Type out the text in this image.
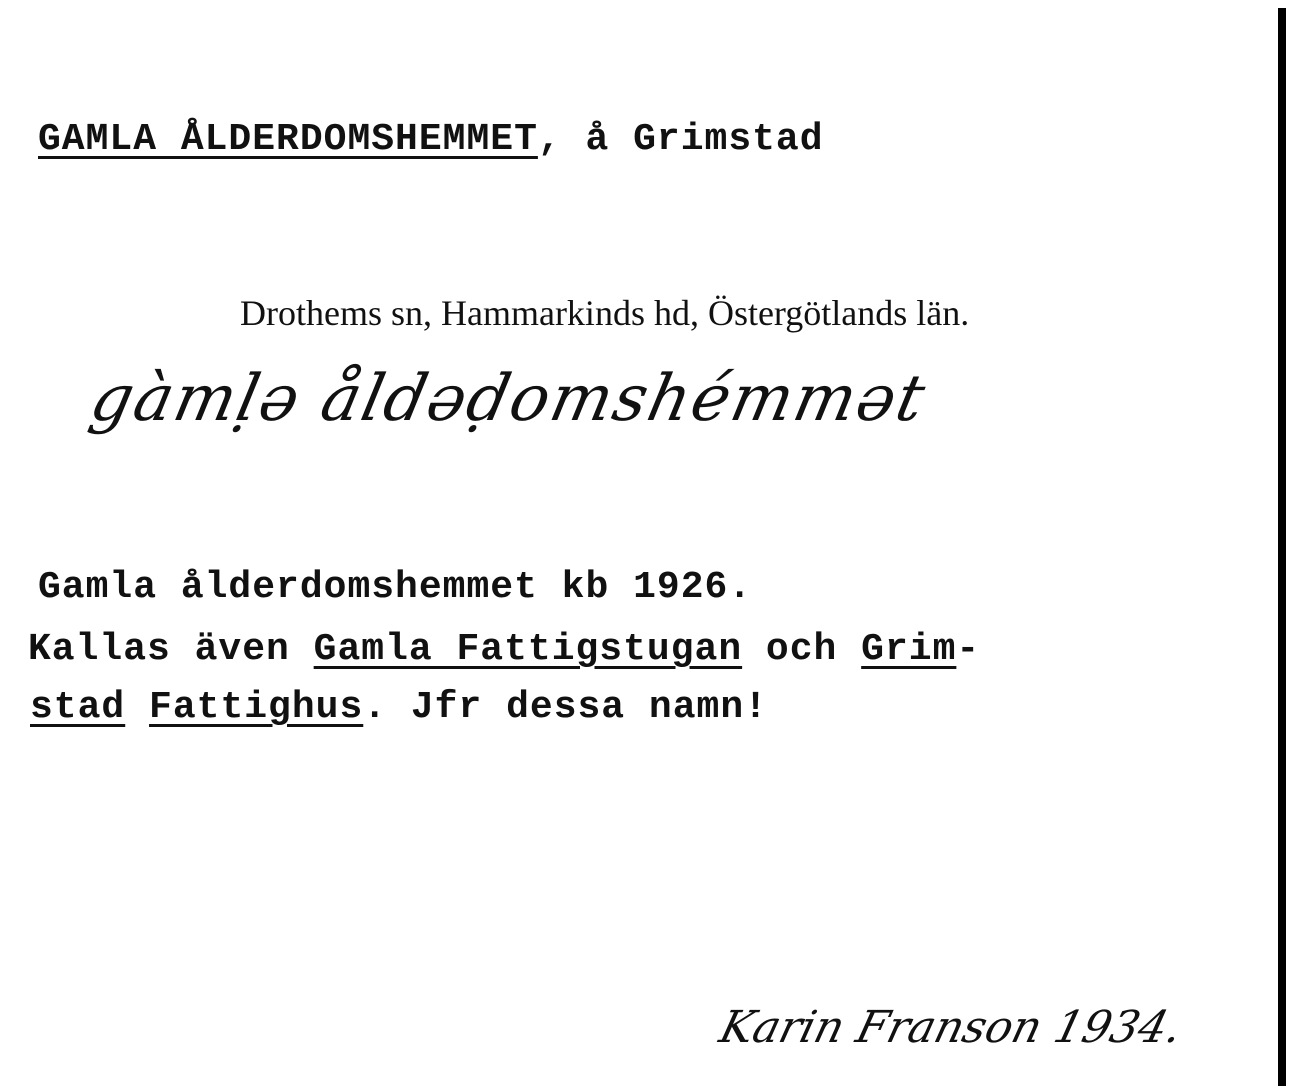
GAMLA ÅLDERDOMSHEMMET, å Grimstad

Drothems sn, Hammarkinds hd, Östergötlands län.
gàmḷə åldəḍomshémmət

Gamla ålderdomshemmet kb 1926.

Kallas även Gamla Fattigstugan och Grim-

stad Fattighus. Jfr dessa namn!

Karin Franson 1934.
